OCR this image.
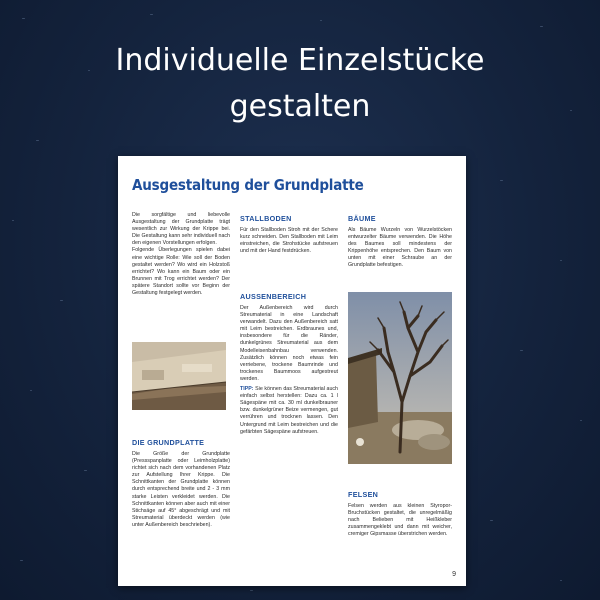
Individuelle Einzelstücke
gestalten
Ausgestaltung der Grundplatte

Die sorgfältige und liebevolle Ausgestaltung der Grundplatte trägt wesentlich zur Wirkung der Krippe bei. Die Gestaltung kann sehr individuell nach den eigenen Vorstellungen erfolgen.

Folgende Überlegungen spielen dabei eine wichtige Rolle: Wie soll der Boden gestaltet werden? Wo wird ein Holzstoß errichtet? Wo kann ein Baum oder ein Brunnen mit Trog errichtet werden? Der spätere Standort sollte vor Beginn der Gestaltung festgelegt werden.

DIE GRUNDPLATTE

Die Größe der Grundplatte (Pressspanplatte oder Leimholzplatte) richtet sich nach dem vorhandenen Platz zur Aufstellung Ihrer Krippe. Die Schnittkanten der Grundplatte können durch entsprechend breite und 2 - 3 mm starke Leisten verkleidet werden. Die Schnittkanten können aber auch mit einer Stichsäge auf 45° abgeschrägt und mit Streumaterial überdeckt werden (wie unter Außenbereich beschrieben).

STALLBODEN

Für den Stallboden Stroh mit der Schere kurz schneiden. Den Stallboden mit Leim einstreichen, die Strohstücke aufstreuen und mit der Hand festdrücken.

AUSSENBEREICH

Der Außenbereich wird durch Streumaterial in eine Landschaft verwandelt. Dazu den Außenbereich satt mit Leim bestreichen. Erdbraunes und, insbesondere für die Ränder, dunkelgrünes Streumaterial aus dem Modelleisenbahnbau verwenden. Zusätzlich können noch etwas fein verriebene, trockene Baumrinde und trockenes Baummoos aufgestreut werden.

TIPP: Sie können das Streumaterial auch einfach selbst herstellen: Dazu ca. 1 l Sägespäne mit ca. 30 ml dunkelbrauner bzw. dunkelgrüner Beize vermengen, gut verrühren und trocknen lassen. Den Untergrund mit Leim bestreichen und die gefärbten Sägespäne aufstreuen.

BÄUME

Als Bäume Wurzeln von Wurzelstöcken entwurzelter Bäume verwenden. Die Höhe des Baumes soll mindestens der Krippenhöhe entsprechen. Den Baum von unten mit einer Schraube an der Grundplatte befestigen.

FELSEN

Felsen werden aus kleinen Styropor-Bruchstücken gestaltet, die unregelmäßig nach Belieben mit Heißkleber zusammengeklebt und dann mit weicher, cremiger Gipsmasse überstrichen werden.

9
